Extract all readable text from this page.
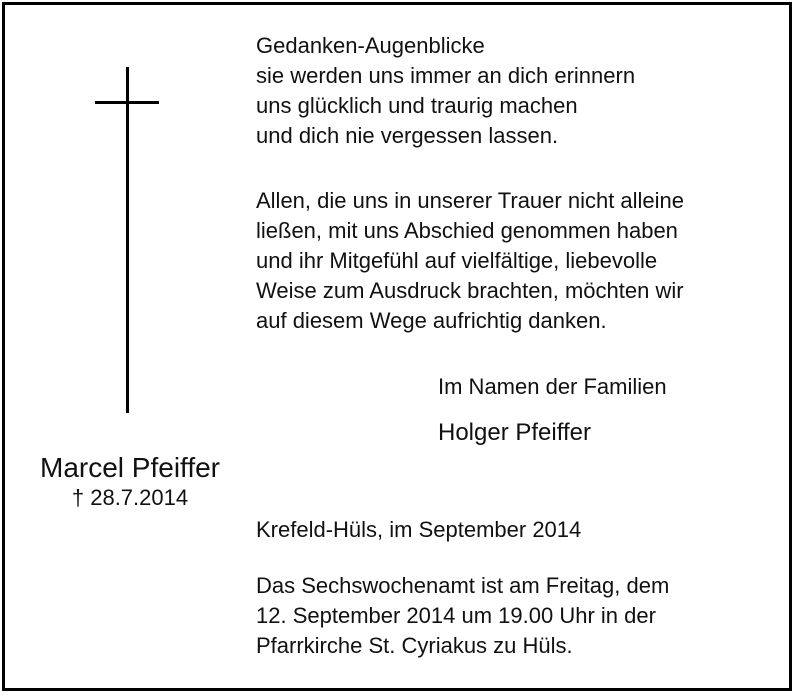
Marcel Pfeiffer
† 28.7.2014
Gedanken-Augenblicke
sie werden uns immer an dich erinnern
uns glücklich und traurig machen
und dich nie vergessen lassen.
Allen, die uns in unserer Trauer nicht alleine
ließen, mit uns Abschied genommen haben
und ihr Mitgefühl auf vielfältige, liebevolle
Weise zum Ausdruck brachten, möchten wir
auf diesem Wege aufrichtig danken.
Im Namen der Familien
Holger Pfeiffer
Krefeld-Hüls, im September 2014
Das Sechswochenamt ist am Freitag, dem
12. September 2014 um 19.00 Uhr in der
Pfarrkirche St. Cyriakus zu Hüls.
